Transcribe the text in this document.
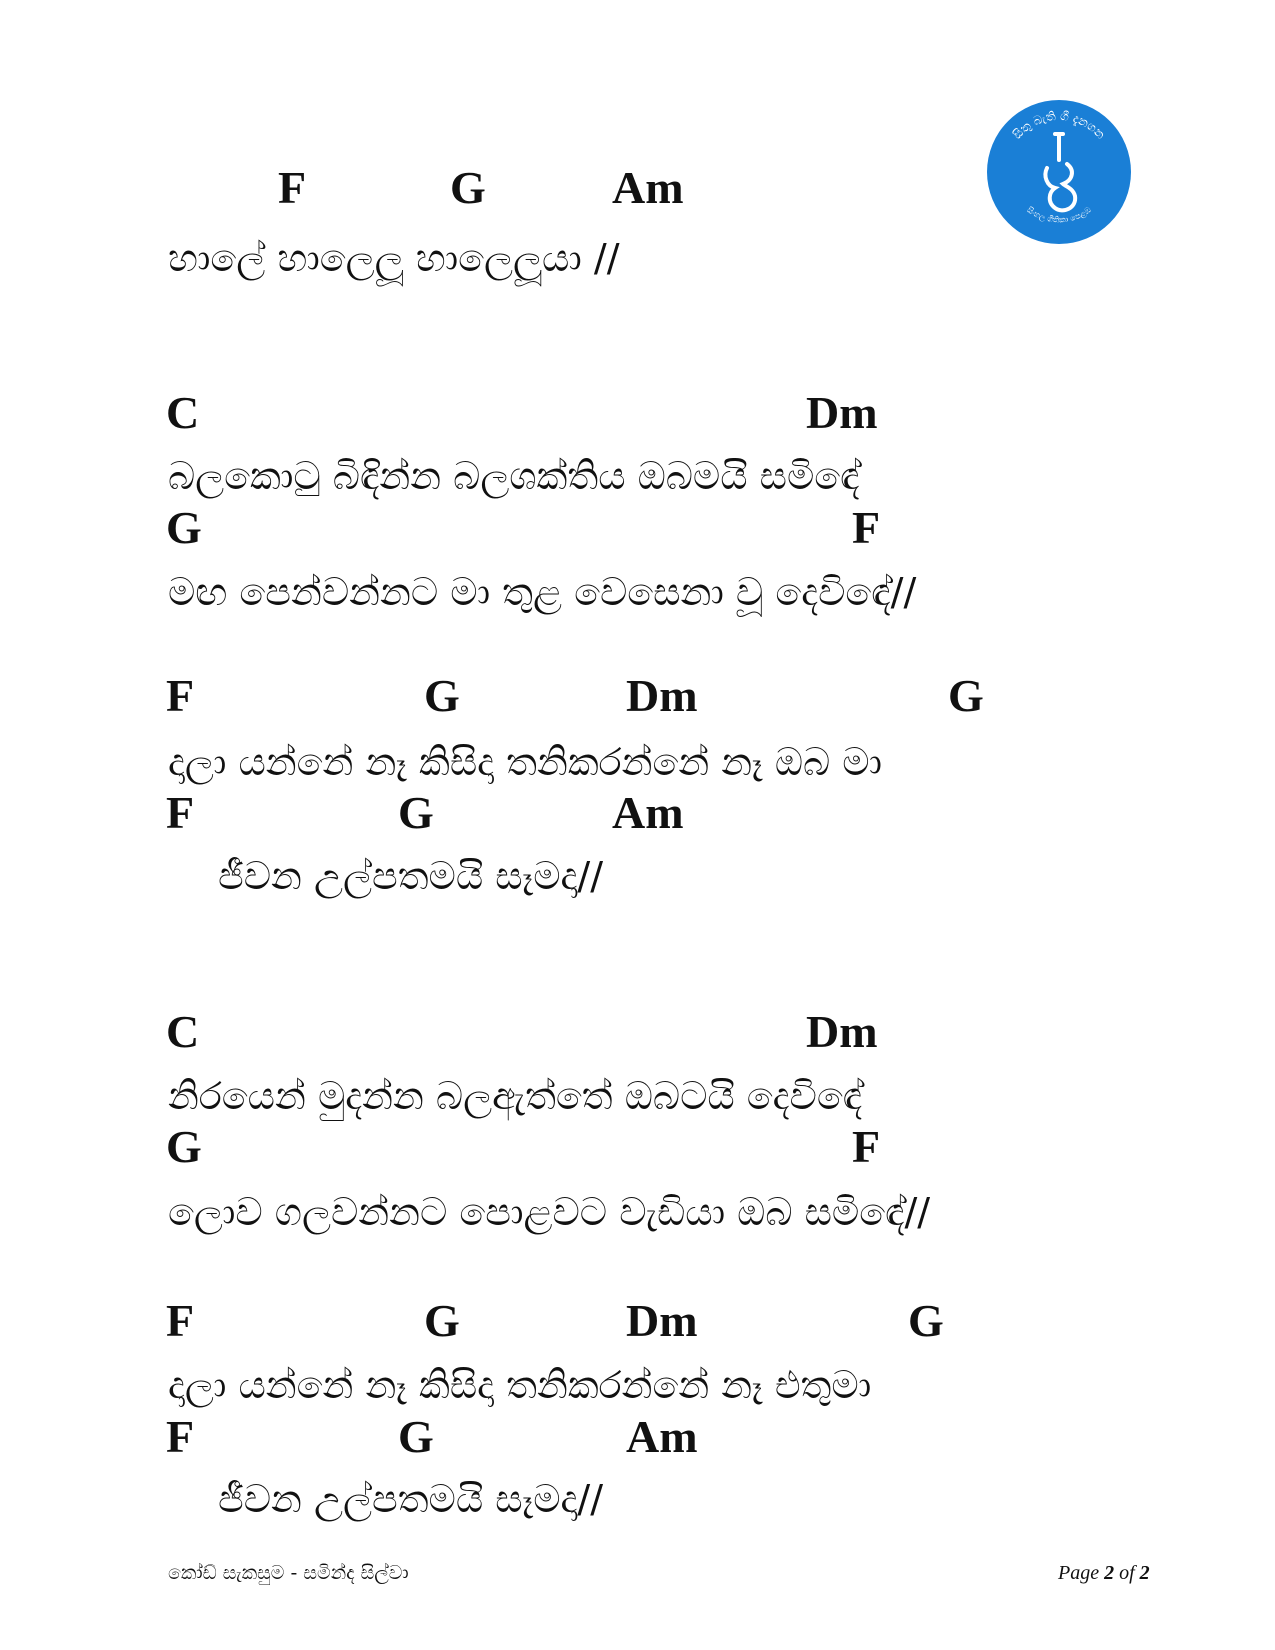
සිතු බැති ගී දැනගන
සිංහල ගීතිකා පෙළඹ
F	G	Am
හාලේ හාලෙලූ හාලෙලූයා //
C	Dm
බලකොටු බිඳින්න බලශක්තිය ඔබමයි සමිඳේ
G	F
මඟ පෙන්වන්නට මා තුළ වෙසෙනා වූ දෙවිඳේ//
F	G	Dm	G
දාලා යන්නේ නෑ කිසිදා තනිකරන්නේ නෑ ඔබ මා
F	G	Am
ජීවන උල්පතමයි සෑමදා//
C	Dm
නිරයෙන් මුදන්න බලඇත්තේ ඔබටයි දෙවිඳේ
G	F
ලොව ගලවන්නට පොළවට වැඩියා ඔබ සමිඳේ//
F	G	Dm	G
දාලා යන්නේ නෑ කිසිදා තනිකරන්නේ නෑ එතුමා
F	G	Am
ජීවන උල්පතමයි සෑමදා//
කෝඩ් සැකසුම - සමින්ද සිල්වා	Page 2 of 2
